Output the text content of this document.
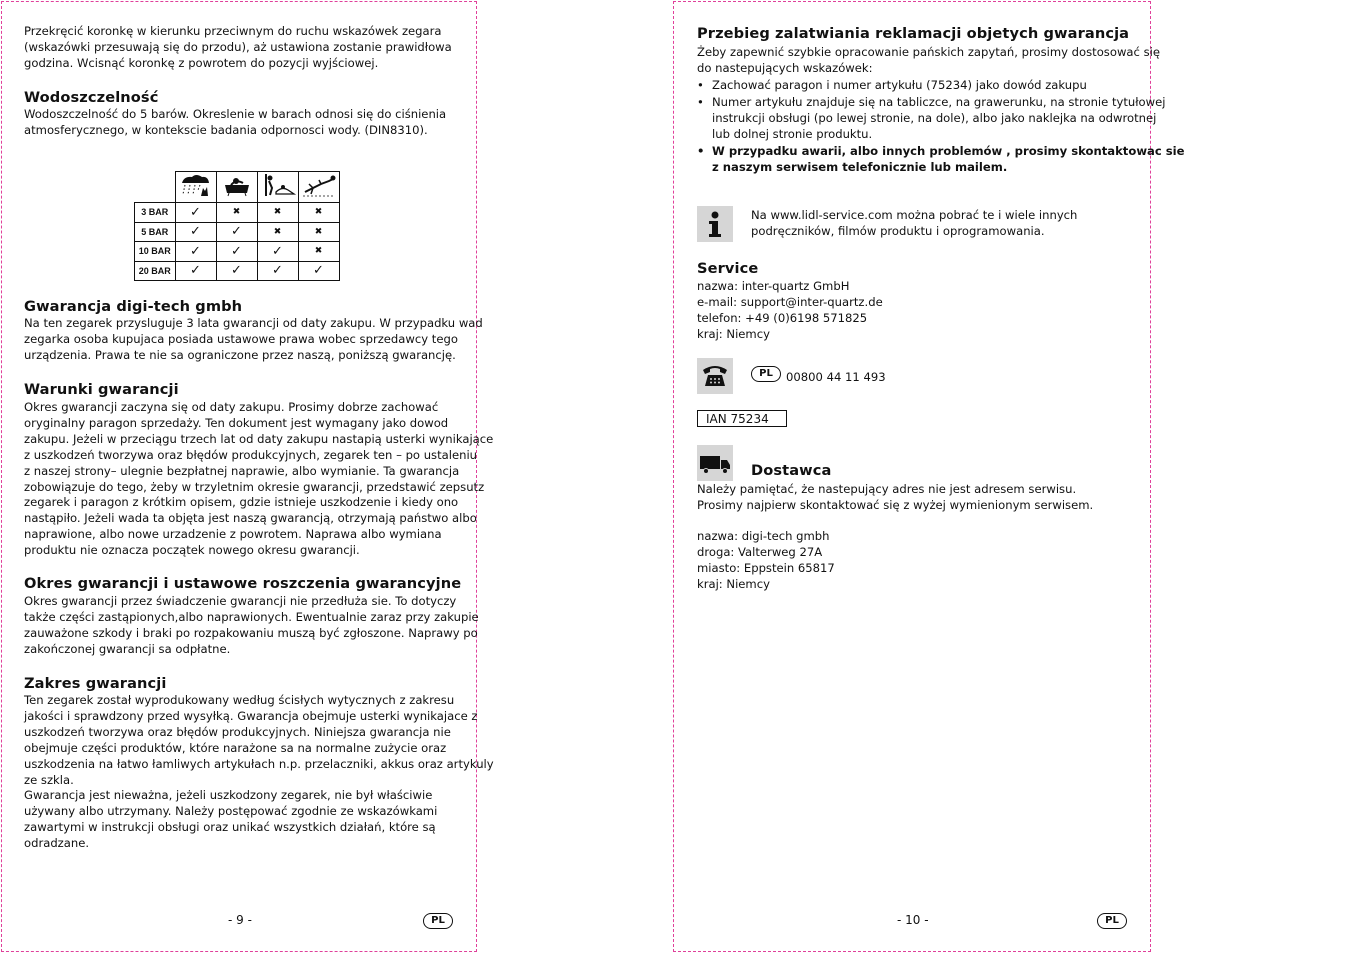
Przekręcić koronkę w kierunku przeciwnym do ruchu wskazówek zegara
(wskazówki przesuwają się do przodu), aż ustawiona zostanie prawidłowa
godzina. Wcisnąć koronkę z powrotem do pozycji wyjściowej.
Wodoszczelność
Wodoszczelność do 5 barów. Okreslenie w barach odnosi się do ciśnienia
atmosferycznego, w kontekscie badania odpornosci wody. (DIN8310).

3 BAR	✓	✖	✖	✖
5 BAR	✓	✓	✖	✖
10 BAR	✓	✓	✓	✖
20 BAR	✓	✓	✓	✓
Gwarancja digi-tech gmbh
Na ten zegarek przysluguje 3 lata gwarancji od daty zakupu. W przypadku wad
zegarka osoba kupujaca posiada ustawowe prawa wobec sprzedawcy tego
urządzenia. Prawa te nie sa ograniczone przez naszą, poniższą gwarancję.
Warunki gwarancji
Okres gwarancji zaczyna się od daty zakupu. Prosimy dobrze zachować
oryginalny paragon sprzedaży. Ten dokument jest wymagany jako dowod
zakupu. Jeżeli w przeciągu trzech lat od daty zakupu nastapią usterki wynikające
z uszkodzeń tworzywa oraz błędów produkcyjnych, zegarek ten – po ustaleniu
z naszej strony– ulegnie bezpłatnej naprawie, albo wymianie. Ta gwarancja
zobowiązuje do tego, żeby w trzyletnim okresie gwarancji, przedstawić zepsutz
zegarek i paragon z krótkim opisem, gdzie istnieje uszkodzenie i kiedy ono
nastąpiło. Jeżeli wada ta objęta jest naszą gwarancją, otrzymają państwo albo
naprawione, albo nowe urzadzenie z powrotem. Naprawa albo wymiana
produktu nie oznacza początek nowego okresu gwarancji.
Okres gwarancji i ustawowe roszczenia gwarancyjne
Okres gwarancji przez świadczenie gwarancji nie przedłuża sie. To dotyczy
także części zastąpionych,albo naprawionych. Ewentualnie zaraz przy zakupie
zauważone szkody i braki po rozpakowaniu muszą być zgłoszone. Naprawy po
zakończonej gwarancji sa odpłatne.
Zakres gwarancji
Ten zegarek został wyprodukowany według ścisłych wytycznych z zakresu
jakości i sprawdzony przed wysyłką. Gwarancja obejmuje usterki wynikajace z
uszkodzeń tworzywa oraz błędów produkcyjnych. Niniejsza gwarancja nie
obejmuje części produktów, które narażone sa na normalne zużycie oraz
uszkodzenia na łatwo łamliwych artykułach n.p. przelaczniki, akkus oraz artykuly
ze szkla.
Gwarancja jest nieważna, jeżeli uszkodzony zegarek, nie był właściwie
używany albo utrzymany. Należy postępować zgodnie ze wskazówkami
zawartymi w instrukcji obsługi oraz unikać wszystkich działań, które są
odradzane.
- 9 -	PL
Przebieg zalatwiania reklamacji objetych gwarancja
Żeby zapewnić szybkie opracowanie pańskich zapytań, prosimy dostosować się
do nastepujących wskazówek:
• Zachować paragon i numer artykułu (75234) jako dowód zakupu
• Numer artykułu znajduje się na tabliczce, na grawerunku, na stronie tytułowej
instrukcji obsługi (po lewej stronie, na dole), albo jako naklejka na odwrotnej
lub dolnej stronie produktu.
• W przypadku awarii, albo innych problemów , prosimy skontaktowac sie
z naszym serwisem telefonicznie lub mailem.
Na www.lidl-service.com można pobrać te i wiele innych
podręczników, filmów produktu i oprogramowania.
Service
nazwa: inter-quartz GmbH
e-mail: support@inter-quartz.de
telefon: +49 (0)6198 571825
kraj: Niemcy
PL	00800 44 11 493
IAN 75234
Dostawca
Należy pamiętać, że nastepujący adres nie jest adresem serwisu.
Prosimy najpierw skontaktować się z wyżej wymienionym serwisem.
nazwa: digi-tech gmbh
droga: Valterweg 27A
miasto: Eppstein 65817
kraj: Niemcy
- 10 -	PL
